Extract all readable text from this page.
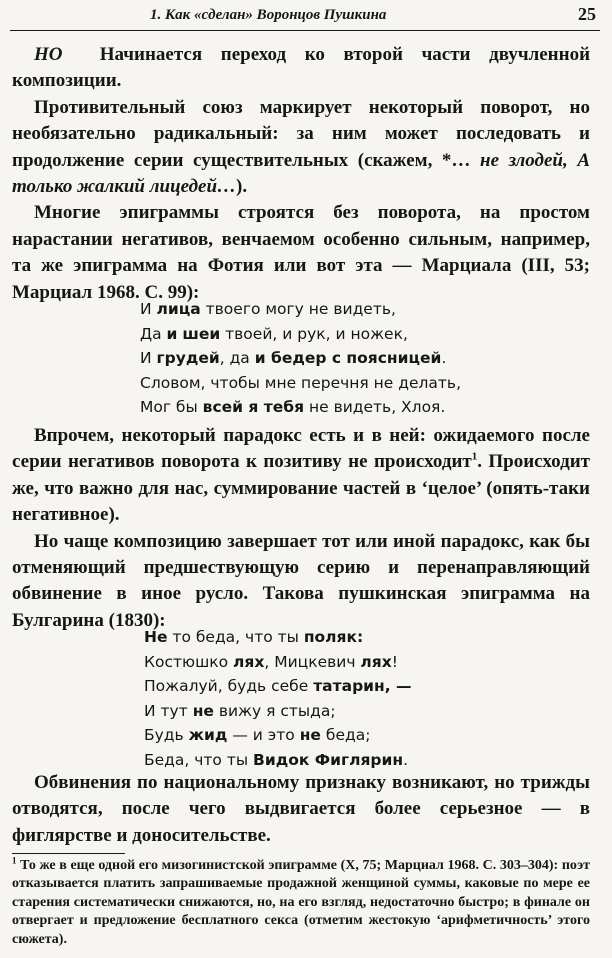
1. Как «сделан» Воронцов Пушкина	25

НО Начинается переход ко второй части двучленной композиции.

Противительный союз маркирует некоторый поворот, но необязательно радикальный: за ним может последовать и продолжение серии существительных (скажем, *… не злодей, А только жалкий лицедей…).

Многие эпиграммы строятся без поворота, на простом нарастании негативов, венчаемом особенно сильным, например, та же эпиграмма на Фотия или вот эта — Марциала (III, 53; Марциал 1968. С. 99):

И лица твоего могу не видеть,
Да и шеи твоей, и рук, и ножек,
И грудей, да и бедер с поясницей.
Словом, чтобы мне перечня не делать,
Мог бы всей я тебя не видеть, Хлоя.

Впрочем, некоторый парадокс есть и в ней: ожидаемого после серии негативов поворота к позитиву не происходит$^1$. Происходит же, что важно для нас, суммирование частей в ‘целое’ (опять-таки негативное).

Но чаще композицию завершает тот или иной парадокс, как бы отменяющий предшествующую серию и перенаправляющий обвинение в иное русло. Такова пушкинская эпиграмма на Булгарина (1830):

Не то беда, что ты поляк:
Костюшко лях, Мицкевич лях!
Пожалуй, будь себе татарин, —
И тут не вижу я стыда;
Будь жид — и это не беда;
Беда, что ты Видок Фиглярин.

Обвинения по национальному признаку возникают, но трижды отводятся, после чего выдвигается более серьезное — в фиглярстве и доносительстве.

$^1$ То же в еще одной его мизогинистской эпиграмме (X, 75; Марциал 1968. С. 303–304): поэт отказывается платить запрашиваемые продажной женщиной суммы, каковые по мере ее старения систематически снижаются, но, на его взгляд, недостаточно быстро; в финале он отвергает и предложение бесплатного секса (отметим жестокую ‘арифметичность’ этого сюжета).
